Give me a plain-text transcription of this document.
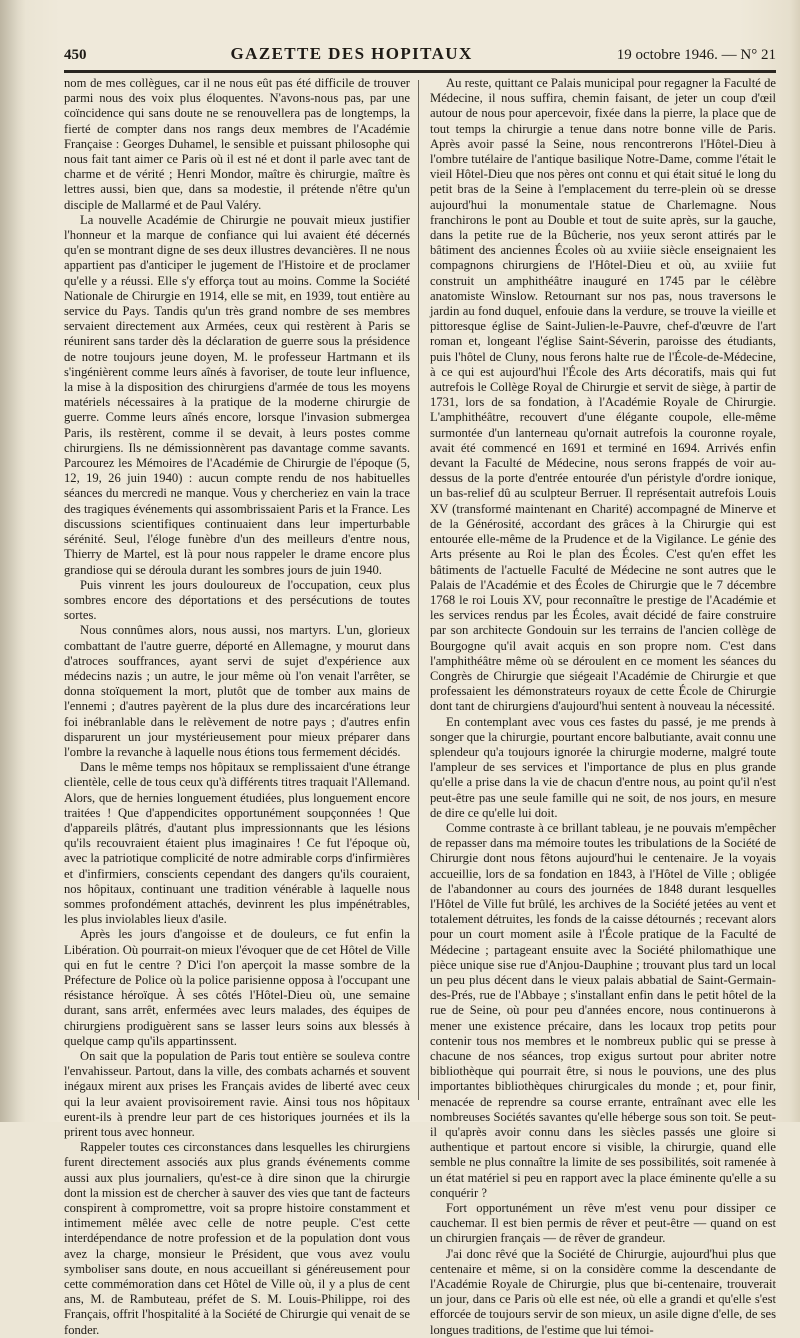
450	GAZETTE DES HOPITAUX	19 octobre 1946. — N° 21

nom de mes collègues, car il ne nous eût pas été difficile de trouver parmi nous des voix plus éloquentes. N'avons-nous pas, par une coïncidence qui sans doute ne se renouvellera pas de longtemps, la fierté de compter dans nos rangs deux membres de l'Académie Française : Georges Duhamel, le sensible et puissant philosophe qui nous fait tant aimer ce Paris où il est né et dont il parle avec tant de charme et de vérité ; Henri Mondor, maître ès chirurgie, maître ès lettres aussi, bien que, dans sa modestie, il prétende n'être qu'un disciple de Mallarmé et de Paul Valéry.

La nouvelle Académie de Chirurgie ne pouvait mieux justifier l'honneur et la marque de confiance qui lui avaient été décernés qu'en se montrant digne de ses deux illustres devancières. Il ne nous appartient pas d'anticiper le jugement de l'Histoire et de proclamer qu'elle y a réussi. Elle s'y efforça tout au moins. Comme la Société Nationale de Chirurgie en 1914, elle se mit, en 1939, tout entière au service du Pays. Tandis qu'un très grand nombre de ses membres servaient directement aux Armées, ceux qui restèrent à Paris se réunirent sans tarder dès la déclaration de guerre sous la présidence de notre toujours jeune doyen, M. le professeur Hartmann et ils s'ingénièrent comme leurs aînés à favoriser, de toute leur influence, la mise à la disposition des chirurgiens d'armée de tous les moyens matériels nécessaires à la pratique de la moderne chirurgie de guerre. Comme leurs aînés encore, lorsque l'invasion submergea Paris, ils restèrent, comme il se devait, à leurs postes comme chirurgiens. Ils ne démissionnèrent pas davantage comme savants. Parcourez les Mémoires de l'Académie de Chirurgie de l'époque (5, 12, 19, 26 juin 1940) : aucun compte rendu de nos habituelles séances du mercredi ne manque. Vous y chercheriez en vain la trace des tragiques événements qui assombrissaient Paris et la France. Les discussions scientifiques continuaient dans leur imperturbable sérénité. Seul, l'éloge funèbre d'un des meilleurs d'entre nous, Thierry de Martel, est là pour nous rappeler le drame encore plus grandiose qui se déroula durant les sombres jours de juin 1940.

Puis vinrent les jours douloureux de l'occupation, ceux plus sombres encore des déportations et des persécutions de toutes sortes.

Nous connûmes alors, nous aussi, nos martyrs. L'un, glorieux combattant de l'autre guerre, déporté en Allemagne, y mourut dans d'atroces souffrances, ayant servi de sujet d'expérience aux médecins nazis ; un autre, le jour même où l'on venait l'arrêter, se donna stoïquement la mort, plutôt que de tomber aux mains de l'ennemi ; d'autres payèrent de la plus dure des incarcérations leur foi inébranlable dans le relèvement de notre pays ; d'autres enfin disparurent un jour mystérieusement pour mieux préparer dans l'ombre la revanche à laquelle nous étions tous fermement décidés.

Dans le même temps nos hôpitaux se remplissaient d'une étrange clientèle, celle de tous ceux qu'à différents titres traquait l'Allemand. Alors, que de hernies longuement étudiées, plus longuement encore traitées ! Que d'appendicites opportunément soupçonnées ! Que d'appareils plâtrés, d'autant plus impressionnants que les lésions qu'ils recouvraient étaient plus imaginaires ! Ce fut l'époque où, avec la patriotique complicité de notre admirable corps d'infirmières et d'infirmiers, conscients cependant des dangers qu'ils couraient, nos hôpitaux, continuant une tradition vénérable à laquelle nous sommes profondément attachés, devinrent les plus impénétrables, les plus inviolables lieux d'asile.

Après les jours d'angoisse et de douleurs, ce fut enfin la Libération. Où pourrait-on mieux l'évoquer que de cet Hôtel de Ville qui en fut le centre ? D'ici l'on aperçoit la masse sombre de la Préfecture de Police où la police parisienne opposa à l'occupant une résistance héroïque. À ses côtés l'Hôtel-Dieu où, une semaine durant, sans arrêt, enfermées avec leurs malades, des équipes de chirurgiens prodiguèrent sans se lasser leurs soins aux blessés à quelque camp qu'ils appartinssent.

On sait que la population de Paris tout entière se souleva contre l'envahisseur. Partout, dans la ville, des combats acharnés et souvent inégaux mirent aux prises les Français avides de liberté avec ceux qui la leur avaient provisoirement ravie. Ainsi tous nos hôpitaux eurent-ils à prendre leur part de ces historiques journées et ils la prirent tous avec honneur.

Rappeler toutes ces circonstances dans lesquelles les chirurgiens furent directement associés aux plus grands événements comme aussi aux plus journaliers, qu'est-ce à dire sinon que la chirurgie dont la mission est de chercher à sauver des vies que tant de facteurs conspirent à compromettre, voit sa propre histoire constamment et intimement mêlée avec celle de notre peuple. C'est cette interdépendance de notre profession et de la population dont vous avez la charge, monsieur le Président, que vous avez voulu symboliser sans doute, en nous accueillant si généreusement pour cette commémoration dans cet Hôtel de Ville où, il y a plus de cent ans, M. de Rambuteau, préfet de S. M. Louis-Philippe, roi des Français, offrit l'hospitalité à la Société de Chirurgie qui venait de se fonder.

Au reste, quittant ce Palais municipal pour regagner la Faculté de Médecine, il nous suffira, chemin faisant, de jeter un coup d'œil autour de nous pour apercevoir, fixée dans la pierre, la place que de tout temps la chirurgie a tenue dans notre bonne ville de Paris. Après avoir passé la Seine, nous rencontrerons l'Hôtel-Dieu à l'ombre tutélaire de l'antique basilique Notre-Dame, comme l'était le vieil Hôtel-Dieu que nos pères ont connu et qui était situé le long du petit bras de la Seine à l'emplacement du terre-plein où se dresse aujourd'hui la monumentale statue de Charlemagne. Nous franchirons le pont au Double et tout de suite après, sur la gauche, dans la petite rue de la Bûcherie, nos yeux seront attirés par le bâtiment des anciennes Écoles où au xviiie siècle enseignaient les compagnons chirurgiens de l'Hôtel-Dieu et où, au xviiie fut construit un amphithéâtre inauguré en 1745 par le célèbre anatomiste Winslow. Retournant sur nos pas, nous traversons le jardin au fond duquel, enfouie dans la verdure, se trouve la vieille et pittoresque église de Saint-Julien-le-Pauvre, chef-d'œuvre de l'art roman et, longeant l'église Saint-Séverin, paroisse des étudiants, puis l'hôtel de Cluny, nous ferons halte rue de l'École-de-Médecine, à ce qui est aujourd'hui l'École des Arts décoratifs, mais qui fut autrefois le Collège Royal de Chirurgie et servit de siège, à partir de 1731, lors de sa fondation, à l'Académie Royale de Chirurgie. L'amphithéâtre, recouvert d'une élégante coupole, elle-même surmontée d'un lanterneau qu'ornait autrefois la couronne royale, avait été commencé en 1691 et terminé en 1694. Arrivés enfin devant la Faculté de Médecine, nous serons frappés de voir au-dessus de la porte d'entrée entourée d'un péristyle d'ordre ionique, un bas-relief dû au sculpteur Berruer. Il représentait autrefois Louis XV (transformé maintenant en Charité) accompagné de Minerve et de la Générosité, accordant des grâces à la Chirurgie qui est entourée elle-même de la Prudence et de la Vigilance. Le génie des Arts présente au Roi le plan des Écoles. C'est qu'en effet les bâtiments de l'actuelle Faculté de Médecine ne sont autres que le Palais de l'Académie et des Écoles de Chirurgie que le 7 décembre 1768 le roi Louis XV, pour reconnaître le prestige de l'Académie et les services rendus par les Écoles, avait décidé de faire construire par son architecte Gondouin sur les terrains de l'ancien collège de Bourgogne qu'il avait acquis en son propre nom. C'est dans l'amphithéâtre même où se déroulent en ce moment les séances du Congrès de Chirurgie que siégeait l'Académie de Chirurgie et que professaient les démonstrateurs royaux de cette École de Chirurgie dont tant de chirurgiens d'aujourd'hui sentent à nouveau la nécessité.

En contemplant avec vous ces fastes du passé, je me prends à songer que la chirurgie, pourtant encore balbutiante, avait connu une splendeur qu'a toujours ignorée la chirurgie moderne, malgré toute l'ampleur de ses services et l'importance de plus en plus grande qu'elle a prise dans la vie de chacun d'entre nous, au point qu'il n'est peut-être pas une seule famille qui ne soit, de nos jours, en mesure de dire ce qu'elle lui doit.

Comme contraste à ce brillant tableau, je ne pouvais m'empêcher de repasser dans ma mémoire toutes les tribulations de la Société de Chirurgie dont nous fêtons aujourd'hui le centenaire. Je la voyais accueillie, lors de sa fondation en 1843, à l'Hôtel de Ville ; obligée de l'abandonner au cours des journées de 1848 durant lesquelles l'Hôtel de Ville fut brûlé, les archives de la Société jetées au vent et totalement détruites, les fonds de la caisse détournés ; recevant alors pour un court moment asile à l'École pratique de la Faculté de Médecine ; partageant ensuite avec la Société philomathique une pièce unique sise rue d'Anjou-Dauphine ; trouvant plus tard un local un peu plus décent dans le vieux palais abbatial de Saint-Germain-des-Prés, rue de l'Abbaye ; s'installant enfin dans le petit hôtel de la rue de Seine, où pour peu d'années encore, nous continuerons à mener une existence précaire, dans les locaux trop petits pour contenir tous nos membres et le nombreux public qui se presse à chacune de nos séances, trop exigus surtout pour abriter notre bibliothèque qui pourrait être, si nous le pouvions, une des plus importantes bibliothèques chirurgicales du monde ; et, pour finir, menacée de reprendre sa course errante, entraînant avec elle les nombreuses Sociétés savantes qu'elle héberge sous son toit. Se peut-il qu'après avoir connu dans les siècles passés une gloire si authentique et partout encore si visible, la chirurgie, quand elle semble ne plus connaître la limite de ses possibilités, soit ramenée à un état matériel si peu en rapport avec la place éminente qu'elle a su conquérir ?

Fort opportunément un rêve m'est venu pour dissiper ce cauchemar. Il est bien permis de rêver et peut-être — quand on est un chirurgien français — de rêver de grandeur.

J'ai donc rêvé que la Société de Chirurgie, aujourd'hui plus que centenaire et même, si on la considère comme la descendante de l'Académie Royale de Chirurgie, plus que bi-centenaire, trouverait un jour, dans ce Paris où elle est née, où elle a grandi et qu'elle s'est efforcée de toujours servir de son mieux, un asile digne d'elle, de ses longues traditions, de l'estime que lui témoi-
